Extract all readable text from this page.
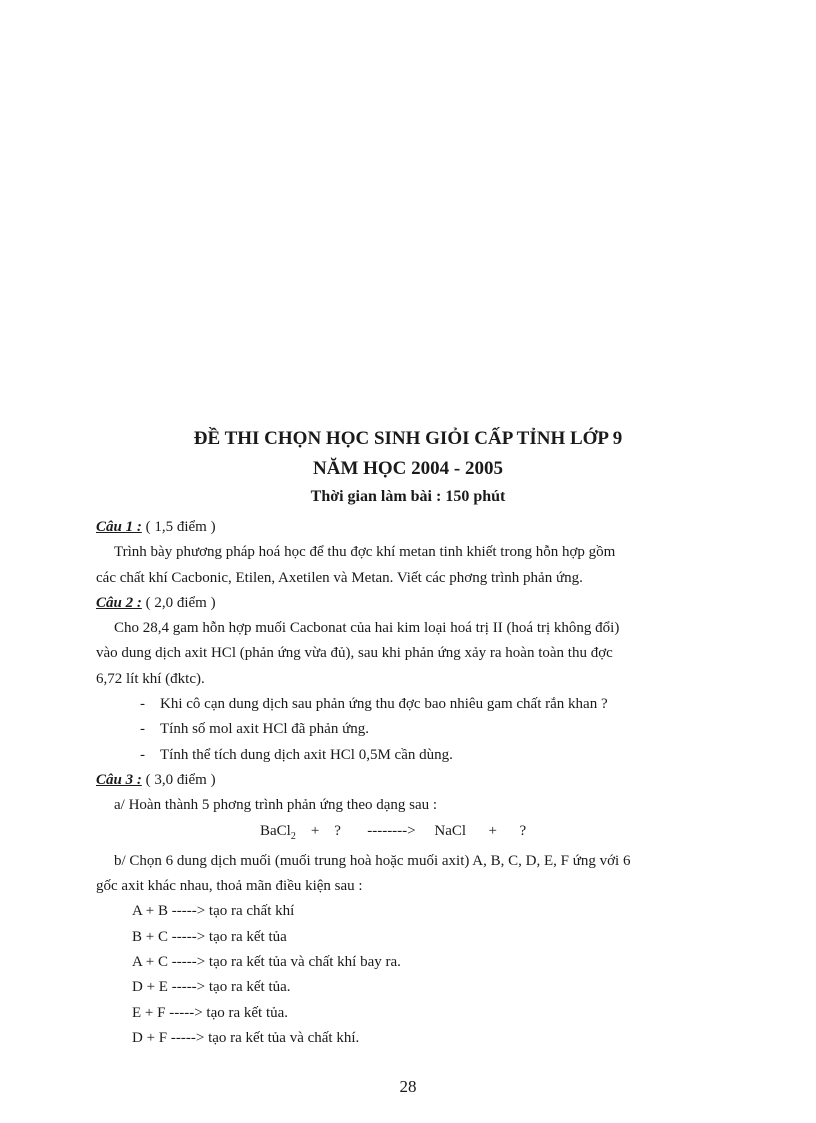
ĐỀ THI CHỌN HỌC SINH GIỎI CẤP TỈNH LỚP 9
NĂM HỌC 2004 - 2005
Thời gian làm bài : 150 phút

Câu 1 : ( 1,5 điểm )

Trình bày phương pháp hoá học để thu đợc khí metan tinh khiết trong hỗn hợp gồm

các chất khí Cacbonic, Etilen, Axetilen và Metan. Viết các phơng trình phản ứng.

Câu 2 : ( 2,0 điểm )

Cho 28,4 gam hỗn hợp muối Cacbonat của hai kim loại hoá trị II (hoá trị không đổi)

vào dung dịch axit HCl (phản ứng vừa đủ), sau khi phản ứng xảy ra hoàn toàn thu đợc

6,72 lít khí (đktc).

- Khi cô cạn dung dịch sau phản ứng thu đợc bao nhiêu gam chất rắn khan ?

- Tính số mol axit HCl đã phản ứng.

- Tính thể tích dung dịch axit HCl 0,5M cần dùng.

Câu 3 : ( 3,0 điểm )

a/ Hoàn thành 5 phơng trình phản ứng theo dạng sau :

BaCl$_2$    +    ?       -------->     NaCl      +      ?

b/ Chọn 6 dung dịch muối (muối trung hoà hoặc muối axit) A, B, C, D, E, F ứng với 6

gốc axit khác nhau, thoả mãn điều kiện sau :

A + B -----> tạo ra chất khí

B + C -----> tạo ra kết tủa

A + C -----> tạo ra kết tủa và chất khí bay ra.

D + E -----> tạo ra kết tủa.

E + F -----> tạo ra kết tủa.

D + F -----> tạo ra kết tủa và chất khí.

28
